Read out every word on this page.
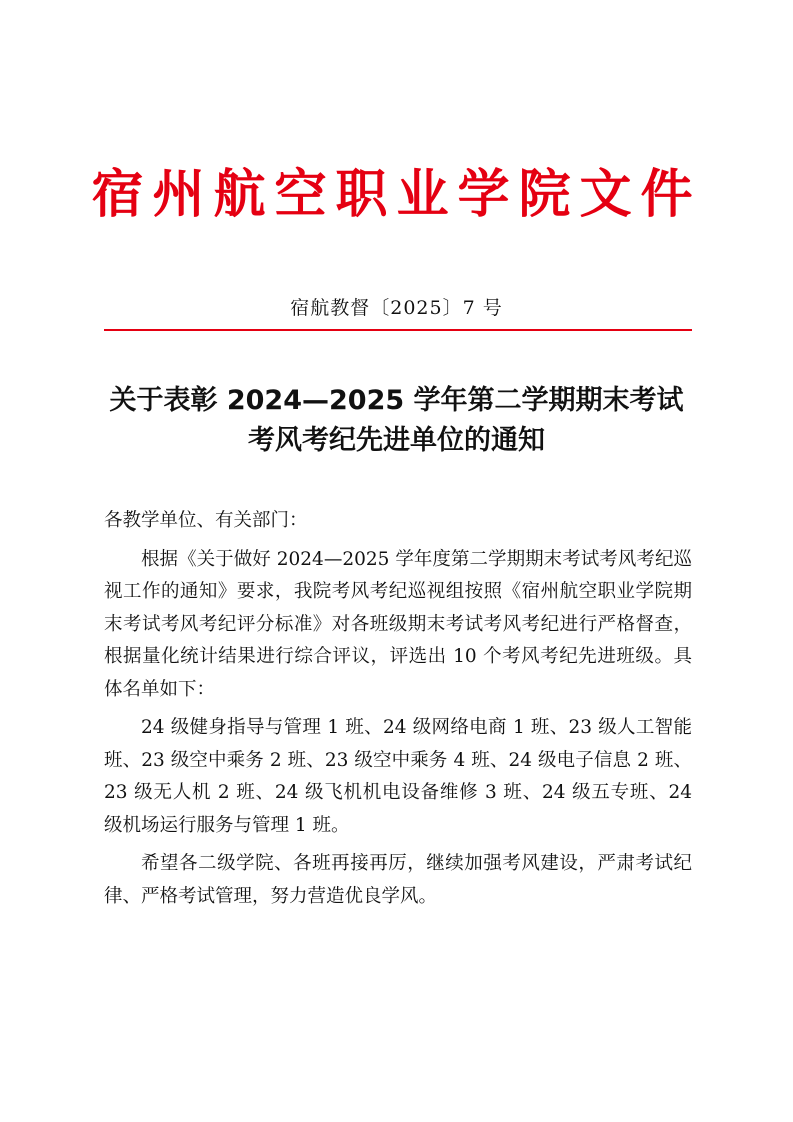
宿州航空职业学院文件
宿航教督〔2025〕7 号
关于表彰 2024—2025 学年第二学期期末考试
考风考纪先进单位的通知

各教学单位、有关部门：

根据《关于做好 2024—2025 学年度第二学期期末考试考风考纪巡视工作的通知》要求，我院考风考纪巡视组按照《宿州航空职业学院期末考试考风考纪评分标准》对各班级期末考试考风考纪进行严格督查，根据量化统计结果进行综合评议，评选出 10 个考风考纪先进班级。具体名单如下：

24 级健身指导与管理 1 班、24 级网络电商 1 班、23 级人工智能班、23 级空中乘务 2 班、23 级空中乘务 4 班、24 级电子信息 2 班、23 级无人机 2 班、24 级飞机机电设备维修 3 班、24 级五专班、24 级机场运行服务与管理 1 班。

希望各二级学院、各班再接再厉，继续加强考风建设，严肃考试纪律、严格考试管理，努力营造优良学风。
